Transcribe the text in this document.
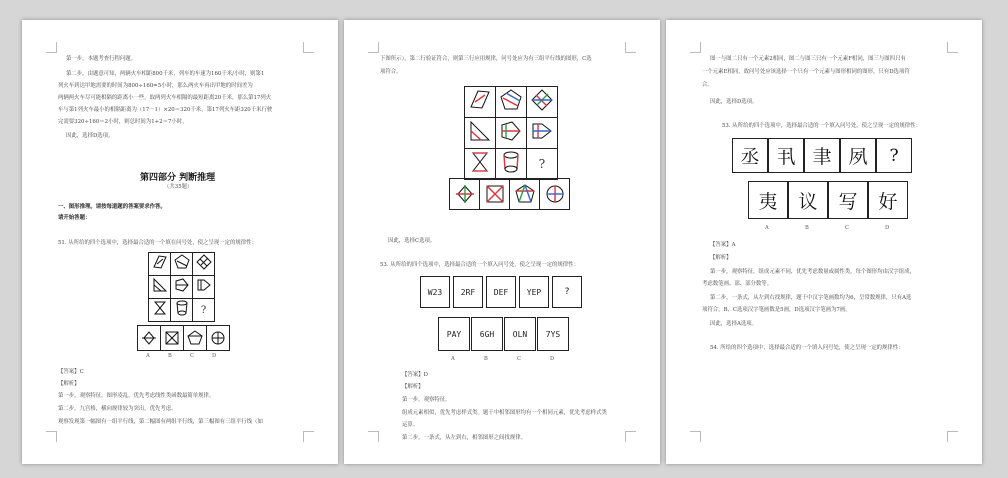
第一步，本题考查行程问题。
第二步，由题意可知，两辆火车相距800千米，列车的车速为160千米/小时，则第1
列火车到达甲地需要的时间为800÷160=5小时，那么两火车再出甲地的时间差为
两辆两火车尽可能相隔的距离小一些，取两列火车相隔的最短距离20千米，那么第17列火
车与第1列火车最小的相隔距离为（17－1）×20＝320千米，第17列火车距320千米行驶
完需要320÷160＝2小时，则总时间为1+2＝7小时。
因此，选择D选项。
第四部分 判断推理
（共35题）
一、图形推理。请按每道题的答案要求作答。
请开始答题：
51. 从所给的四个选项中，选择最合适的一个填在问号处，使之呈现一定的规律性：

		?
A	B	C	D
【答案】C
【解析】
第一步，观察特征，图形凌乱，优先考虑线性类函数最简单规律。
第二步，九宫格，横向规律较为突出，优先考虑。
观察发现第一幅图有一组平行线，第二幅图有两组平行线，第三幅图有三组平行线（如
下图所示），第二行验证符合，则第三行应用规律，问号处应为有三组平行线的图形，C选
项符合。

		?
因此，选择C选项。
53. 从所给的四个选项中，选择最合适的一个填入问号处，使之呈现一定的规律性：
W23	2RF	DEF	YEP	?
PAY	6GH	OLN	7YS
A	B	C	D
【答案】D
【解析】
第一步，观察特征。
组成元素相似，优先考虑样式类。题干中相邻图形均有一个相同元素，优先考虑样式类
运算。
第二步，一条式，从左到右，相邻图形之间找规律。
图一与图二只有一个元素2相同，图二与图三只有一个元素F相同，图三与图四只有
一个元素E相同，故问号处应该选择一个只有一个元素与图形相同的图形，只有D选项符
合。
因此，选择D选项。
53. 从所给的四个选项中，选择最合适的一个填入问号处，使之呈现一定的规律性：
丞 丮 聿 夙	?
夷	议	写	好
A	B	C	D
【答案】A
【解析】
第一步，观察特征，组成元素不同，优先考虑数量或属性类，每个图形均由汉字组成，
考虑数笔画、部、部分数等。
第二步，一条式，从左到右找规律，题干中汉字笔画数均为6，呈常数规律，只有A选
项符合，B、C选项汉字笔画数是5画，D选项汉字笔画为7画。
因此，选择A选项。
54. 所给的四个选项中，选择最合适的一个填入问号处，使之呈现一定的规律性：
